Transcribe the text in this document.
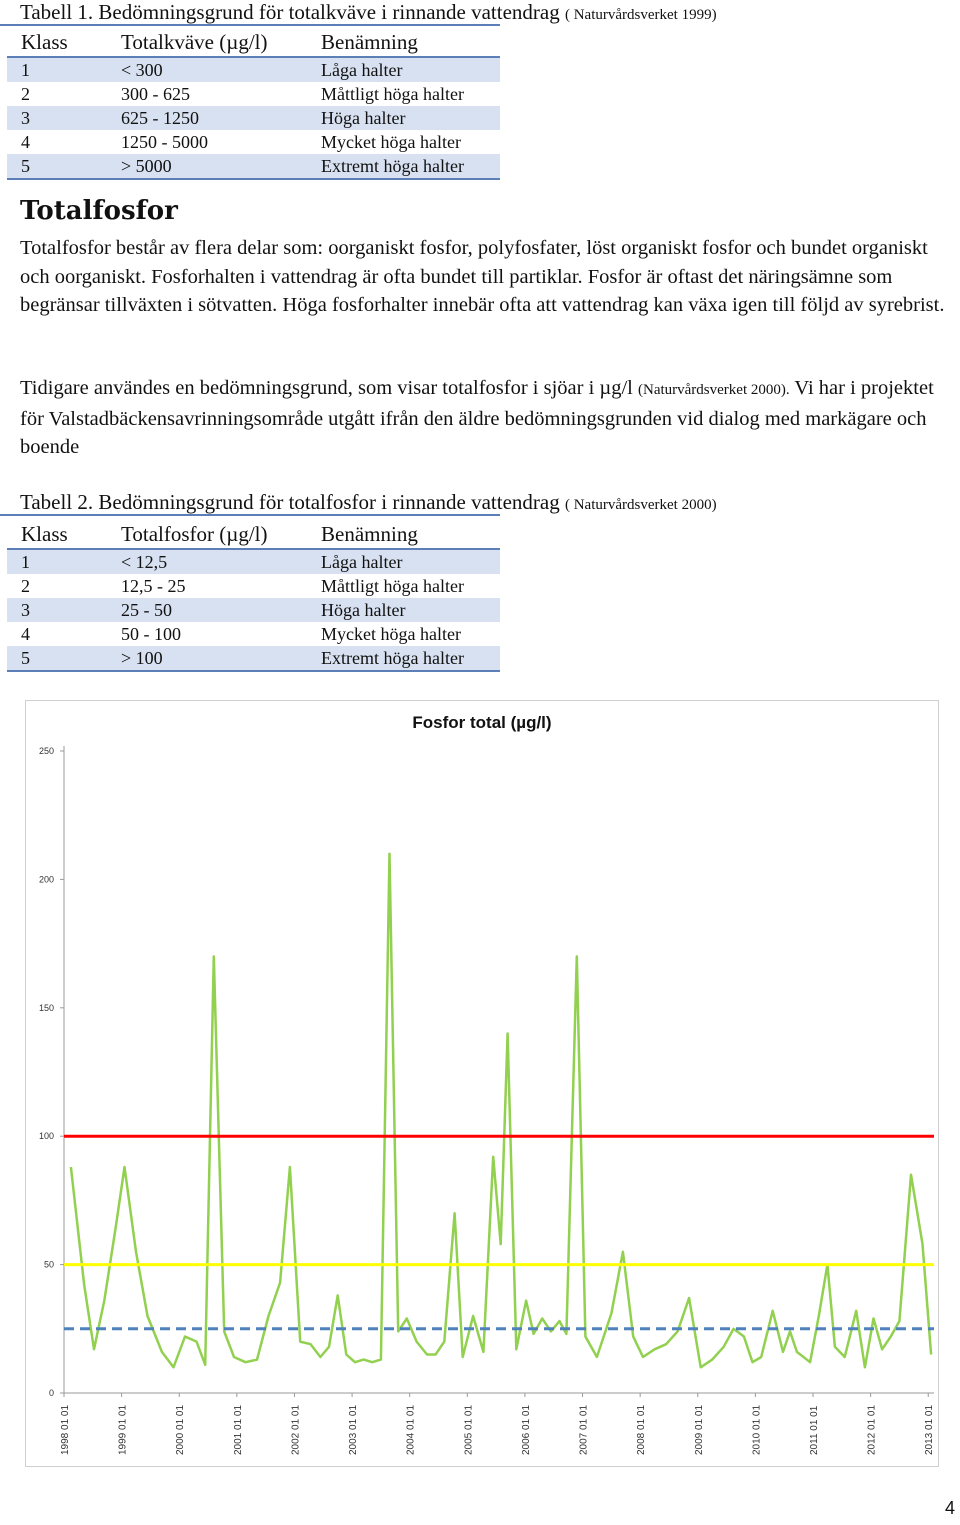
Tabell 1. Bedömningsgrund för totalkväve i rinnande vattendrag ( Naturvårdsverket 1999)
Klass	Totalkväve (µg/l)	Benämning
1	< 300	Låga halter
2	300 - 625	Måttligt höga halter
3	625 - 1250	Höga halter
4	1250 - 5000	Mycket höga halter
5	> 5000	Extremt höga halter
Totalfosfor

Totalfosfor består av flera delar som: oorganiskt fosfor, polyfosfater, löst organiskt fosfor och bundet organiskt och oorganiskt. Fosforhalten i vattendrag är ofta bundet till partiklar. Fosfor är oftast det näringsämne som begränsar tillväxten i sötvatten. Höga fosforhalter innebär ofta att vattendrag kan växa igen till följd av syrebrist.

Tidigare användes en bedömningsgrund, som visar totalfosfor i sjöar i µg/l (Naturvårdsverket 2000). Vi har i projektet för Valstadbäckensavrinningsområde utgått ifrån den äldre bedömningsgrunden vid dialog med markägare och boende

Tabell 2. Bedömningsgrund för totalfosfor i rinnande vattendrag ( Naturvårdsverket 2000)
Klass	Totalfosfor (µg/l)	Benämning
1	< 12,5	Låga halter
2	12,5 - 25	Måttligt höga halter
3	25 - 50	Höga halter
4	50 - 100	Mycket höga halter
5	> 100	Extremt höga halter
Fosfor total (µg/l)
0
50
100
150
200
250
1998 01 01	1999 01 01	2000 01 01	2001 01 01	2002 01 01	2003 01 01	2004 01 01	2005 01 01	2006 01 01	2007 01 01	2008 01 01	2009 01 01	2010 01 01	2011 01 01	2012 01 01	2013 01 01
4
